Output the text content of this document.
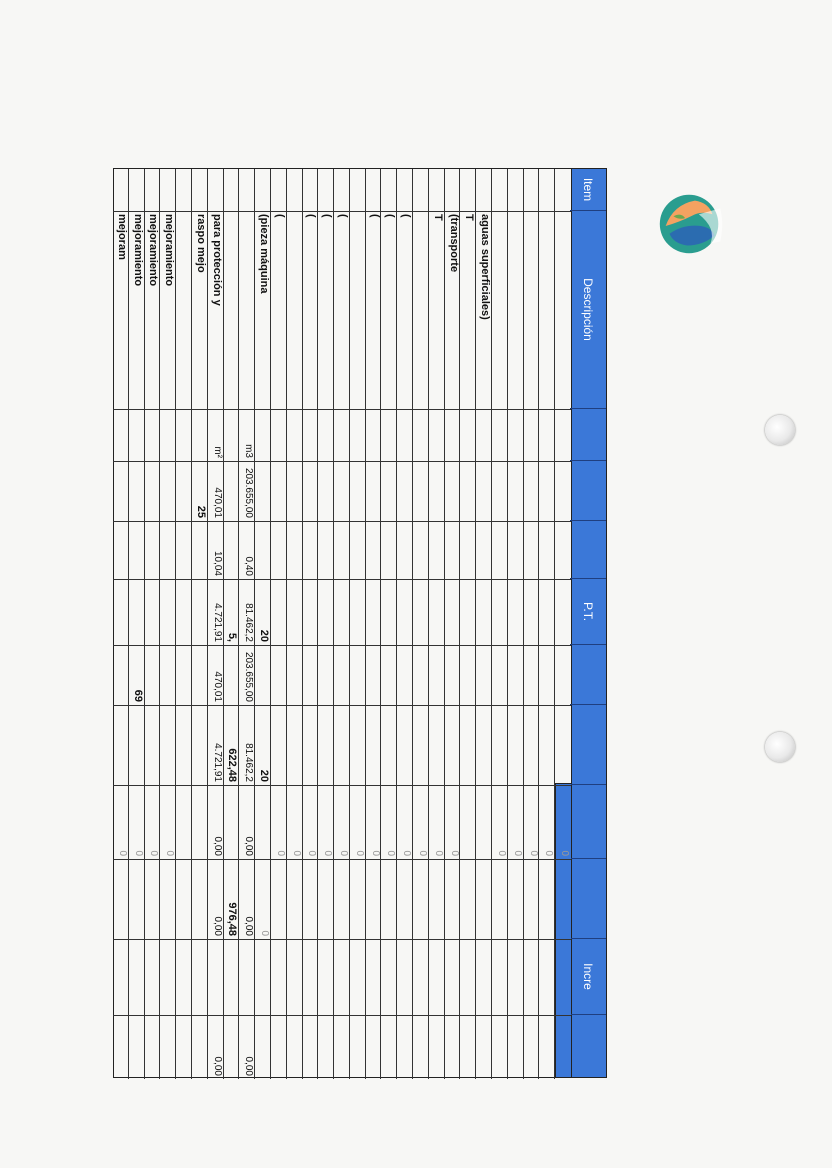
Item
Descripción
P.T.
Incre
0
0
0
0
0
aguas superficiales)
T
(transporte
0
T
0
0
(
0
(
0
(
0
0
(
0
(
0
(
0
0
(
0
(pieza máquina
20
20
0
m3
203.655,00
0,40
81.462,2
203.655,00
81.462,2
0,00
0,00
0,00
5,
622,48
976,48
para protección y
m²
470,01
10,04
4.721,91
470,01
4.721,91
0,00
0,00
0,00
raspo mejo
25
mejoramiento
0
mejoramiento
0
mejoramiento
69
0
mejoram
0
